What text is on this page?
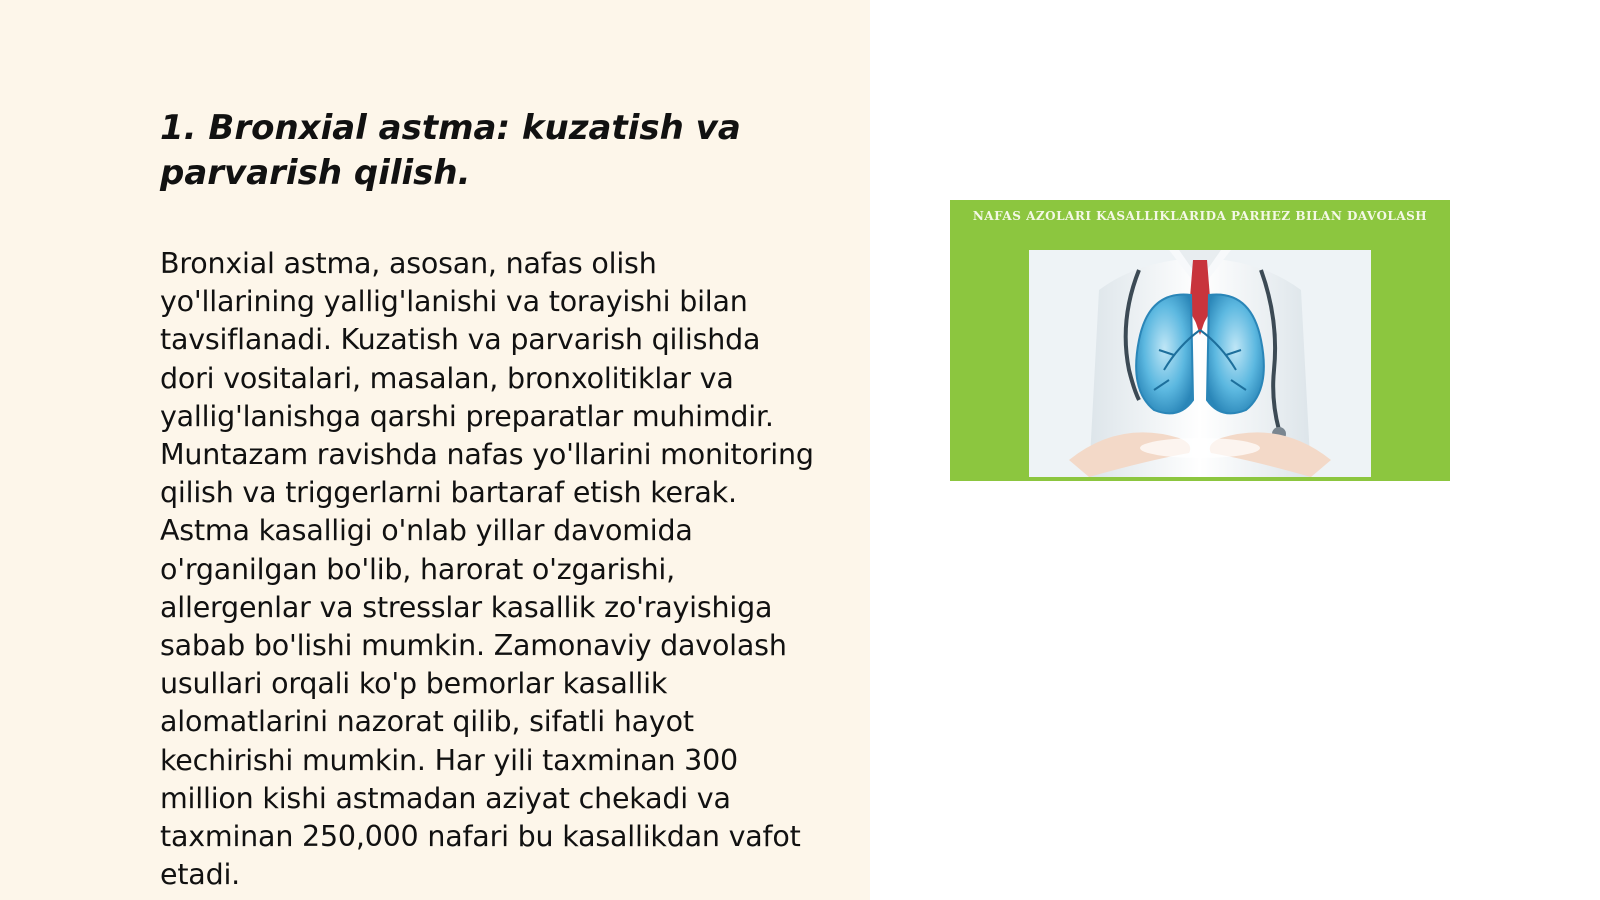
1. Bronxial astma: kuzatish va parvarish qilish.

Bronxial astma, asosan, nafas olish yo'llarining yallig'lanishi va torayishi bilan tavsiflanadi. Kuzatish va parvarish qilishda dori vositalari, masalan, bronxolitiklar va yallig'lanishga qarshi preparatlar muhimdir. Muntazam ravishda nafas yo'llarini monitoring qilish va triggerlarni bartaraf etish kerak. Astma kasalligi o'nlab yillar davomida o'rganilgan bo'lib, harorat o'zgarishi, allergenlar va stresslar kasallik zo'rayishiga sabab bo'lishi mumkin. Zamonaviy davolash usullari orqali ko'p bemorlar kasallik alomatlarini nazorat qilib, sifatli hayot kechirishi mumkin. Har yili taxminan 300 million kishi astmadan aziyat chekadi va taxminan 250,000 nafari bu kasallikdan vafot etadi.

NAFAS AZOLARI KASALLIKLARIDA PARHEZ BILAN DAVOLASH
